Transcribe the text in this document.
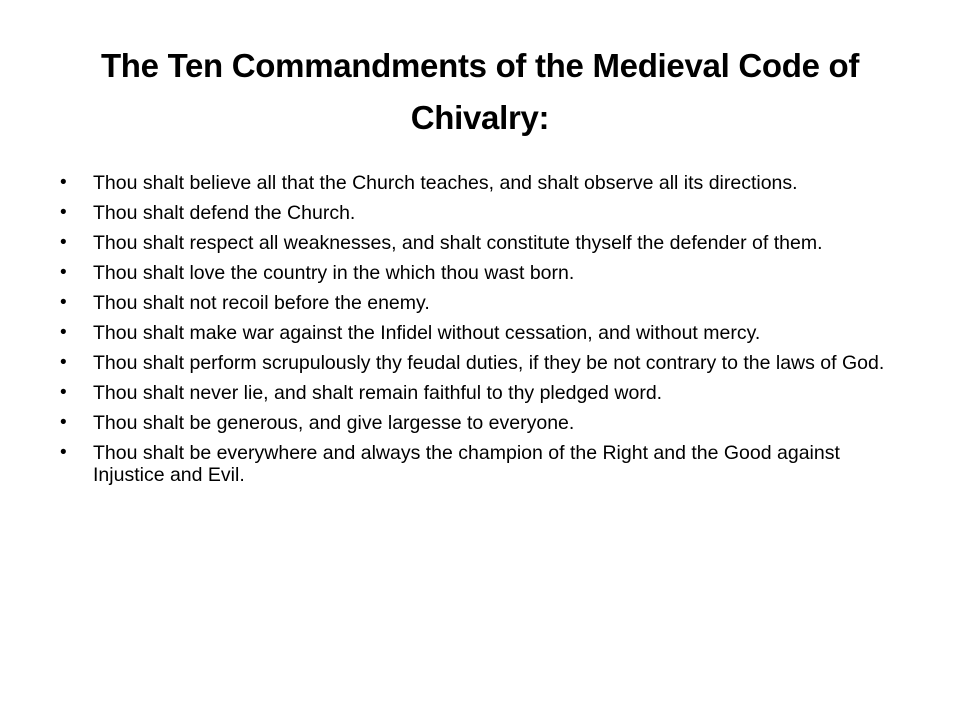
The Ten Commandments of the Medieval Code of Chivalry:
• Thou shalt believe all that the Church teaches, and shalt observe all its directions.
• Thou shalt defend the Church.
• Thou shalt respect all weaknesses, and shalt constitute thyself the defender of them.
• Thou shalt love the country in the which thou wast born.
• Thou shalt not recoil before the enemy.
• Thou shalt make war against the Infidel without cessation, and without mercy.
• Thou shalt perform scrupulously thy feudal duties, if they be not contrary to the laws of God.
• Thou shalt never lie, and shalt remain faithful to thy pledged word.
• Thou shalt be generous, and give largesse to everyone.
• Thou shalt be everywhere and always the champion of the Right and the Good against Injustice and Evil.
